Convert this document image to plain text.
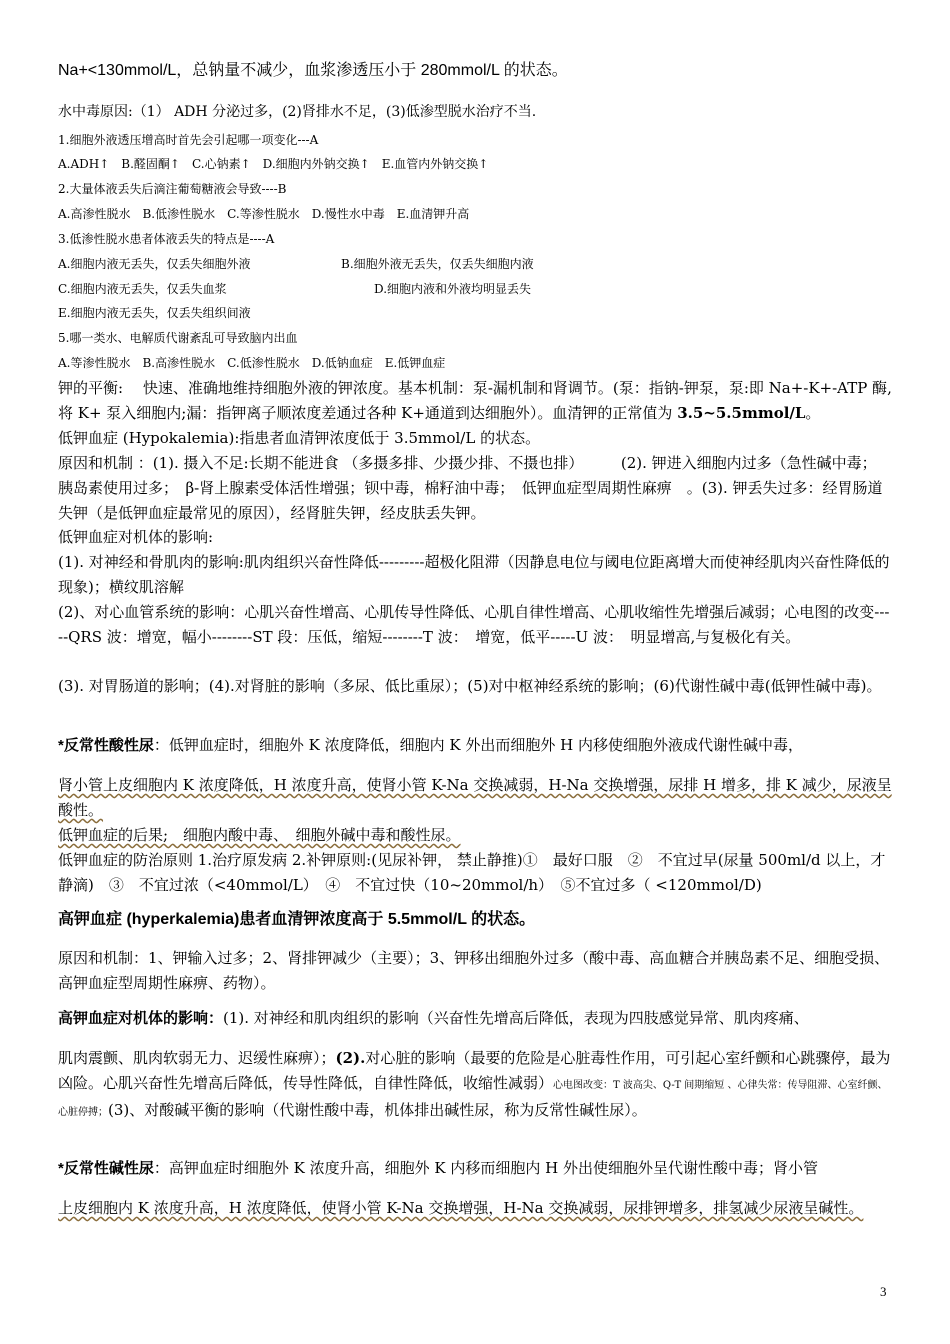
Na+<130mmol/L，总钠量不减少，血浆渗透压小于 280mmol/L 的状态。

水中毒原因:（1） ADH 分泌过多，(2)肾排水不足，(3)低渗型脱水治疗不当.

1.细胞外液透压增高时首先会引起哪一项变化---A

A.ADH↑ B.醛固酮↑ C.心钠素↑ D.细胞内外钠交换↑ E.血管内外钠交换↑

2.大量体液丢失后滴注葡萄糖液会导致----B

A.高渗性脱水 B.低渗性脱水 C.等渗性脱水 D.慢性水中毒 E.血清钾升高

3.低渗性脱水患者体液丢失的特点是----A

A.细胞内液无丢失，仅丢失细胞外液	B.细胞外液无丢失，仅丢失细胞内液

C.细胞内液无丢失，仅丢失血浆	D.细胞内液和外液均明显丢失

E.细胞内液无丢失，仅丢失组织间液

5.哪一类水、电解质代谢紊乱可导致脑内出血

A.等渗性脱水 B.高渗性脱水 C.低渗性脱水 D.低钠血症 E.低钾血症

钾的平衡:　 快速、准确地维持细胞外液的钾浓度。基本机制：泵-漏机制和肾调节。(泵：指钠-钾泵，泵:即 Na+-K+-ATP 酶,将 K+ 泵入细胞内;漏：指钾离子顺浓度差通过各种 K+通道到达细胞外）。血清钾的正常值为 3.5~5.5mmol/L。

低钾血症 (Hypokalemia):指患者血清钾浓度低于 3.5mmol/L 的状态。

原因和机制 ：(1). 摄入不足:长期不能进食 （多摄多排、少摄少排、不摄也排）　　　(2). 钾进入细胞内过多（急性碱中毒；　胰岛素使用过多；　β-肾上腺素受体活性增强；钡中毒，棉籽油中毒；　低钾血症型周期性麻痹　。(3). 钾丢失过多：经胃肠道失钾（是低钾血症最常见的原因），经肾脏失钾，经皮肤丢失钾。

低钾血症对机体的影响:

(1). 对神经和骨肌肉的影响:肌肉组织兴奋性降低---------超极化阻滞（因静息电位与阈电位距离增大而使神经肌肉兴奋性降低的现象)；横纹肌溶解

(2)、对心血管系统的影响：心肌兴奋性增高、心肌传导性降低、心肌自律性增高、心肌收缩性先增强后减弱；心电图的改变-----QRS 波：增宽，幅小--------ST 段：压低，缩短--------T 波：　增宽，低平-----U 波：　明显增高,与复极化有关。

(3). 对胃肠道的影响；(4).对肾脏的影响（多尿、低比重尿）；(5)对中枢神经系统的影响；(6)代谢性碱中毒(低钾性碱中毒)。

*反常性酸性尿：低钾血症时，细胞外 K 浓度降低，细胞内 K 外出而细胞外 H 内移使细胞外液成代谢性碱中毒，

肾小管上皮细胞内 K 浓度降低，H 浓度升高，使肾小管 K-Na 交换减弱，H-Na 交换增强，尿排 H 增多，排 K 减少，尿液呈酸性。

低钾血症的后果;　细胞内酸中毒、　细胞外碱中毒和酸性尿。

低钾血症的防治原则 1.治疗原发病 2.补钾原则:(见尿补钾， 禁止静推)①　最好口服　②　不宜过早(尿量 500ml/d 以上，才静滴)　③　不宜过浓（<40mmol/L）　④　不宜过快（10~20mmol/h）　⑤不宜过多（ <120mmol/D)

高钾血症 (hyperkalemia)患者血清钾浓度高于 5.5mmol/L 的状态。

原因和机制：1、钾输入过多；2、肾排钾减少（主要）；3、钾移出细胞外过多（酸中毒、高血糖合并胰岛素不足、细胞受损、高钾血症型周期性麻痹、药物）。

高钾血症对机体的影响：(1). 对神经和肌肉组织的影响（兴奋性先增高后降低，表现为四肢感觉异常、肌肉疼痛、

肌肉震颤、肌肉软弱无力、迟缓性麻痹）；(2).对心脏的影响（最要的危险是心脏毒性作用，可引起心室纤颤和心跳骤停，最为凶险。心肌兴奋性先增高后降低，传导性降低，自律性降低，收缩性减弱）心电图改变：T 波高尖、Q-T 间期缩短 、心律失常：传导阻滞、心室纤颤、心脏停搏；(3)、对酸碱平衡的影响（代谢性酸中毒，机体排出碱性尿，称为反常性碱性尿）。

*反常性碱性尿：高钾血症时细胞外 K 浓度升高，细胞外 K 内移而细胞内 H 外出使细胞外呈代谢性酸中毒；肾小管

上皮细胞内 K 浓度升高，H 浓度降低，使肾小管 K-Na 交换增强，H-Na 交换减弱，尿排钾增多，排氢减少尿液呈碱性。

3
